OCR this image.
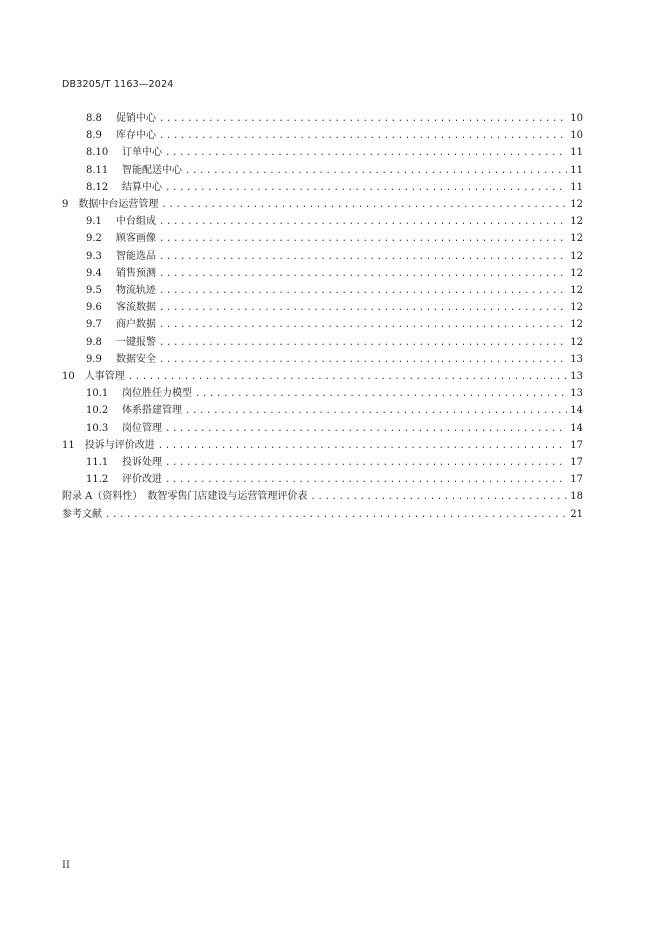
DB3205/T 1163—2024
8.8	促销中心 .....	10
8.9	库存中心 .....	10
8.10	订单中心 .....	11
8.11	智能配送中心 .....	11
8.12	结算中心 .....	11
9 数据中台运营管理 .....	12
9.1	中台组成 .....	12
9.2	顾客画像 .....	12
9.3	智能选品 .....	12
9.4	销售预测 .....	12
9.5	物流轨迹 .....	12
9.6	客流数据 .....	12
9.7	商户数据 .....	12
9.8	一键报警 .....	12
9.9	数据安全 .....	13
10 人事管理 .....	13
10.1	岗位胜任力模型 .....	13
10.2	体系搭建管理 .....	14
10.3	岗位管理 .....	14
11 投诉与评价改进 .....	17
11.1	投诉处理 .....	17
11.2	评价改进 .....	17
附录 A（资料性）　数智零售门店建设与运营管理评价表 .....	18
参考文献 .....	21
II
